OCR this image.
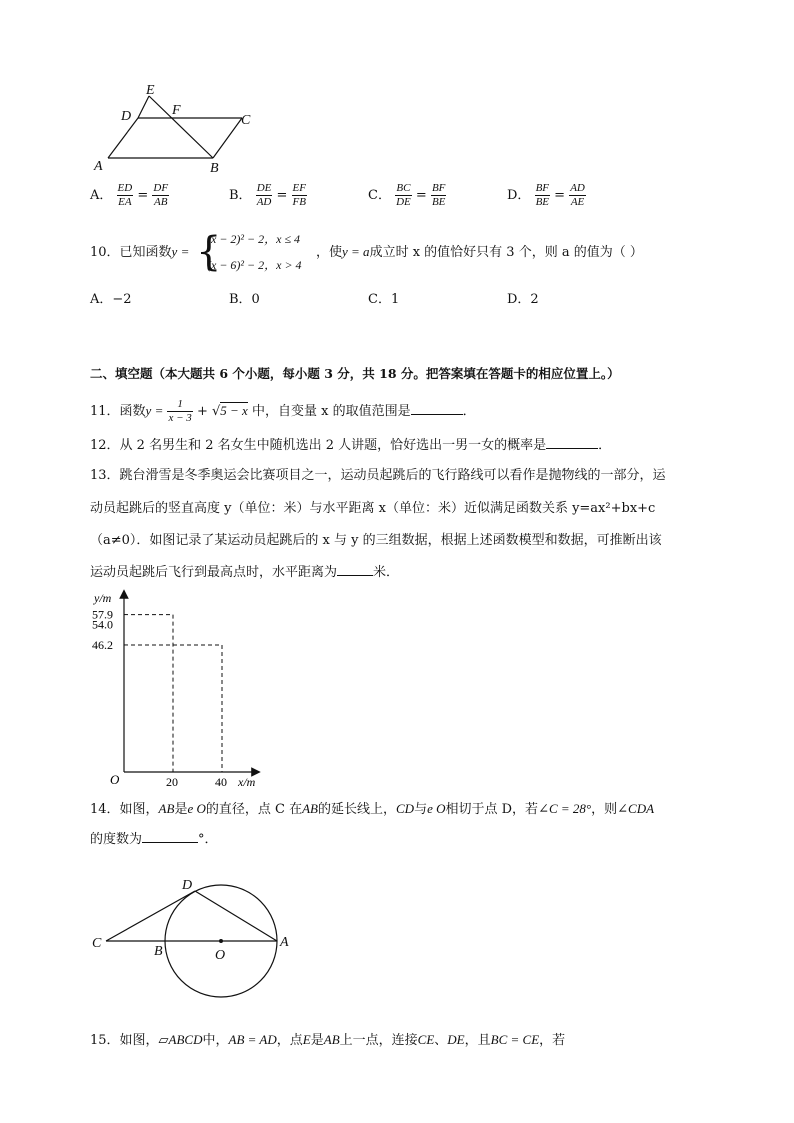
E
D	F
C
A	B
A． $\frac{ED}{EA} = \frac{DF}{AB}$	B． $\frac{DE}{AD} = \frac{EF}{FB}$	C． $\frac{BC}{DE} = \frac{BF}{BE}$	D． $\frac{BF}{BE} = \frac{AD}{AE}$
10．已知函数y = {
(x − 2)² − 2，x ≤ 4
(x − 6)² − 2，x > 4
，使y = a成立时 x 的值恰好只有 3 个，则 a 的值为（ ）
A．−2	B．0	C．1	D．2
二、填空题（本大题共 6 个小题，每小题 3 分，共 18 分。把答案填在答题卡的相应位置上。）
11．函数$y = \frac{1}{x - 3} + √5 - x$ 中，自变量 x 的取值范围是	．
12．从 2 名男生和 2 名女生中随机选出 2 人讲题，恰好选出一男一女的概率是	．
13．跳台滑雪是冬季奥运会比赛项目之一，运动员起跳后的飞行路线可以看作是抛物线的一部分，运
动员起跳后的竖直高度 y（单位：米）与水平距离 x（单位：米）近似满足函数关系 y=ax²+bx+c
（a≠0）．如图记录了某运动员起跳后的 x 与 y 的三组数据，根据上述函数模型和数据，可推断出该
运动员起跳后飞行到最高点时，水平距离为	米．
y/m
x/m
O
57.9
54.0
46.2
20	40
14．如图，AB是e O的直径，点 C 在AB的延长线上，CD与e O相切于点 D，若∠C = 28°，则∠CDA
的度数为	°．
D
C
B	O
A
15．如图，▱ABCD中，AB = AD，点E是AB上一点，连接CE、DE，且BC = CE，若
